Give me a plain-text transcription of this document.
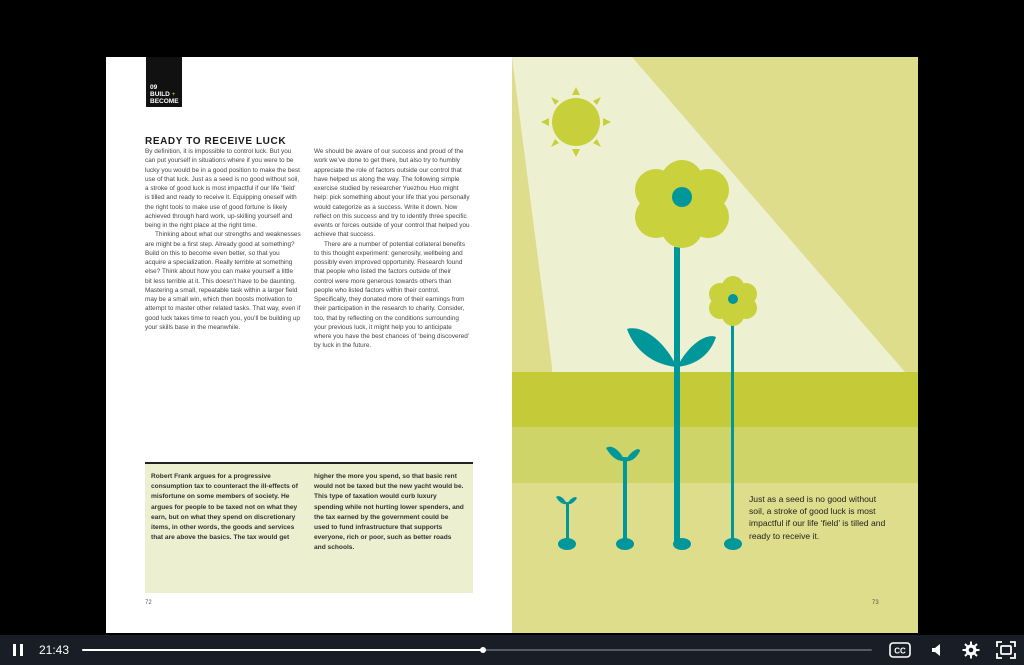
09
BUILD +
BECOME
READY TO RECEIVE LUCK

By definition, it is impossible to control luck. But you can put yourself in situations where if you were to be lucky you would be in a good position to make the best use of that luck. Just as a seed is no good without soil, a stroke of good luck is most impactful if our life ‘field’ is tilled and ready to receive it. Equipping oneself with the right tools to make use of good fortune is likely achieved through hard work, up-skilling yourself and being in the right place at the right time.

Thinking about what our strengths and weaknesses are might be a first step. Already good at something? Build on this to become even better, so that you acquire a specialization. Really terrible at something else? Think about how you can make yourself a little bit less terrible at it. This doesn’t have to be daunting. Mastering a small, repeatable task within a larger field may be a small win, which then boosts motivation to attempt to master other related tasks. That way, even if good luck takes time to reach you, you’ll be building up your skills base in the meanwhile.

We should be aware of our success and proud of the work we’ve done to get there, but also try to humbly appreciate the role of factors outside our control that have helped us along the way. The following simple exercise studied by researcher Yuezhou Huo might help: pick something about your life that you personally would categorize as a success. Write it down. Now reflect on this success and try to identify three specific events or forces outside of your control that helped you achieve that success.

There are a number of potential collateral benefits to this thought experiment: generosity, wellbeing and possibly even improved opportunity. Research found that people who listed the factors outside of their control were more generous towards others than people who listed factors within their control. Specifically, they donated more of their earnings from their participation in the research to charity. Consider, too, that by reflecting on the conditions surrounding your previous luck, it might help you to anticipate where you have the best chances of ‘being discovered’ by luck in the future.

Robert Frank argues for a progressive consumption tax to counteract the ill-effects of misfortune on some members of society. He argues for people to be taxed not on what they earn, but on what they spend on discretionary items, in other words, the goods and services that are above the basics. The tax would get

higher the more you spend, so that basic rent would not be taxed but the new yacht would be. This type of taxation would curb luxury spending while not hurting lower spenders, and the tax earned by the government could be used to fund infrastructure that supports everyone, rich or poor, such as better roads and schools.

72

Just as a seed is no good without soil, a stroke of good luck is most impactful if our life ‘field’ is tilled and ready to receive it.

73
21:43	CC
